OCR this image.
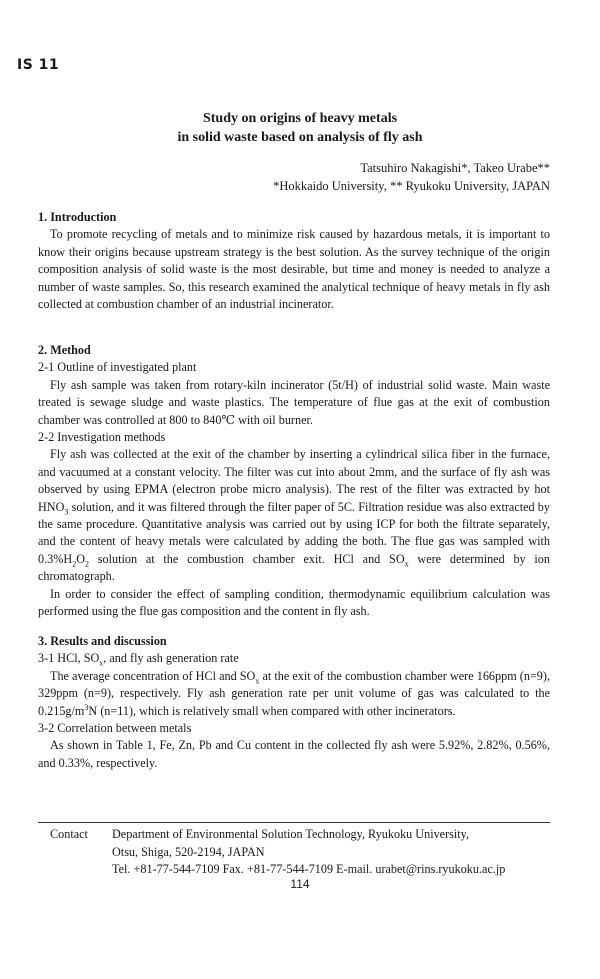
IS 11
Study on origins of heavy metals
in solid waste based on analysis of fly ash
Tatsuhiro Nakagishi*, Takeo Urabe**
*Hokkaido University, ** Ryukoku University, JAPAN
1. Introduction
To promote recycling of metals and to minimize risk caused by hazardous metals, it is important to know their origins because upstream strategy is the best solution. As the survey technique of the origin composition analysis of solid waste is the most desirable, but time and money is needed to analyze a number of waste samples. So, this research examined the analytical technique of heavy metals in fly ash collected at combustion chamber of an industrial incinerator.
2. Method
2-1 Outline of investigated plant
Fly ash sample was taken from rotary-kiln incinerator (5t/H) of industrial solid waste. Main waste treated is sewage sludge and waste plastics. The temperature of flue gas at the exit of combustion chamber was controlled at 800 to 840℃ with oil burner.
2-2 Investigation methods
Fly ash was collected at the exit of the chamber by inserting a cylindrical silica fiber in the furnace, and vacuumed at a constant velocity. The filter was cut into about 2mm, and the surface of fly ash was observed by using EPMA (electron probe micro analysis). The rest of the filter was extracted by hot $HNO_3$ solution, and it was filtered through the filter paper of 5C. Filtration residue was also extracted by the same procedure. Quantitative analysis was carried out by using ICP for both the filtrate separately, and the content of heavy metals were calculated by adding the both. The flue gas was sampled with $0.3\%H_2O_2$ solution at the combustion chamber exit. HCl and $SO_x$ were determined by ion chromatograph.
In order to consider the effect of sampling condition, thermodynamic equilibrium calculation was performed using the flue gas composition and the content in fly ash.
3. Results and discussion
3-1 HCl, $SO_x$, and fly ash generation rate
The average concentration of HCl and $SO_x$ at the exit of the combustion chamber were 166ppm (n=9), 329ppm (n=9), respectively. Fly ash generation rate per unit volume of gas was calculated to the $0.215g/m^3N$ (n=11), which is relatively small when compared with other incinerators.
3-2 Correlation between metals
As shown in Table 1, Fe, Zn, Pb and Cu content in the collected fly ash were 5.92%, 2.82%, 0.56%, and 0.33%, respectively.
Contact Department of Environmental Solution Technology, Ryukoku University,
Otsu, Shiga, 520-2194, JAPAN
Tel. +81-77-544-7109 Fax. +81-77-544-7109 E-mail. urabet@rins.ryukoku.ac.jp
114
